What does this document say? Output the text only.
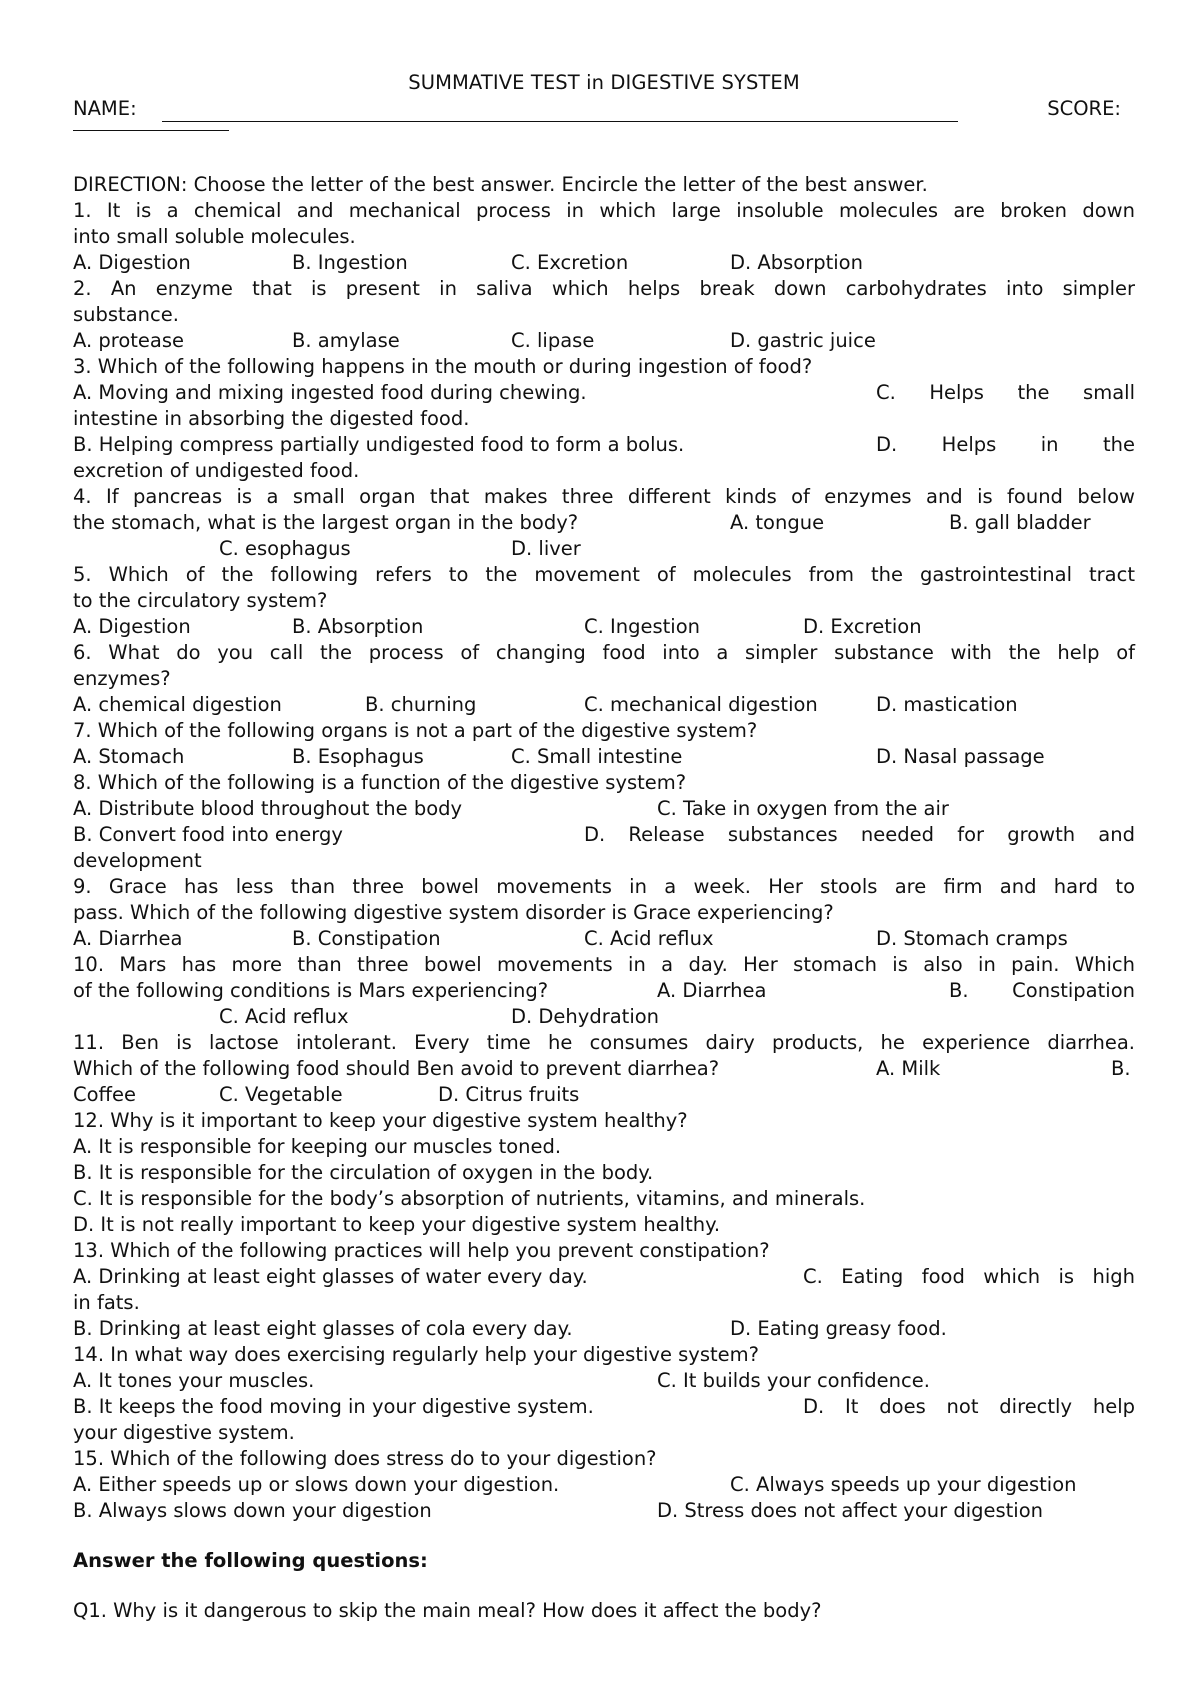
SUMMATIVE TEST in DIGESTIVE SYSTEM
NAME:	SCORE:
DIRECTION: Choose the letter of the best answer. Encircle the letter of the best answer.
1. It is a chemical and mechanical process in which large insoluble molecules are broken down
into small soluble molecules.
A. Digestion	B. Ingestion	C. Excretion	D. Absorption
2. An enzyme that is present in saliva which helps break down carbohydrates into simpler
substance.
A. protease	B. amylase	C. lipase	D. gastric juice
3. Which of the following happens in the mouth or during ingestion of food?
A. Moving and mixing ingested food during chewing.	C. Helps the small
intestine in absorbing the digested food.
B. Helping compress partially undigested food to form a bolus.	D. Helps in the
excretion of undigested food.
4. If pancreas is a small organ that makes three different kinds of enzymes and is found below
the stomach, what is the largest organ in the body?	A. tongue	B. gall bladder
C. esophagus	D. liver
5. Which of the following refers to the movement of molecules from the gastrointestinal tract
to the circulatory system?
A. Digestion	B. Absorption	C. Ingestion	D. Excretion
6. What do you call the process of changing food into a simpler substance with the help of
enzymes?
A. chemical digestion	B. churning	C. mechanical digestion	D. mastication
7. Which of the following organs is not a part of the digestive system?
A. Stomach	B. Esophagus	C. Small intestine	D. Nasal passage
8. Which of the following is a function of the digestive system?
A. Distribute blood throughout the body	C. Take in oxygen from the air
B. Convert food into energy	D. Release substances needed for growth and
development
9. Grace has less than three bowel movements in a week. Her stools are firm and hard to
pass. Which of the following digestive system disorder is Grace experiencing?
A. Diarrhea	B. Constipation	C. Acid reflux	D. Stomach cramps
10. Mars has more than three bowel movements in a day. Her stomach is also in pain. Which
of the following conditions is Mars experiencing?	A. Diarrhea	B. Constipation
C. Acid reflux	D. Dehydration
11. Ben is lactose intolerant. Every time he consumes dairy products, he experience diarrhea.
Which of the following food should Ben avoid to prevent diarrhea?	A. Milk	B.
Coffee	C. Vegetable	D. Citrus fruits
12. Why is it important to keep your digestive system healthy?
A. It is responsible for keeping our muscles toned.
B. It is responsible for the circulation of oxygen in the body.
C. It is responsible for the body’s absorption of nutrients, vitamins, and minerals.
D. It is not really important to keep your digestive system healthy.
13. Which of the following practices will help you prevent constipation?
A. Drinking at least eight glasses of water every day.	C. Eating food which is high
in fats.
B. Drinking at least eight glasses of cola every day.	D. Eating greasy food.
14. In what way does exercising regularly help your digestive system?
A. It tones your muscles.	C. It builds your confidence.
B. It keeps the food moving in your digestive system.	D. It does not directly help
your digestive system.
15. Which of the following does stress do to your digestion?
A. Either speeds up or slows down your digestion.	C. Always speeds up your digestion
B. Always slows down your digestion	D. Stress does not affect your digestion
Answer the following questions:
Q1. Why is it dangerous to skip the main meal? How does it affect the body?
